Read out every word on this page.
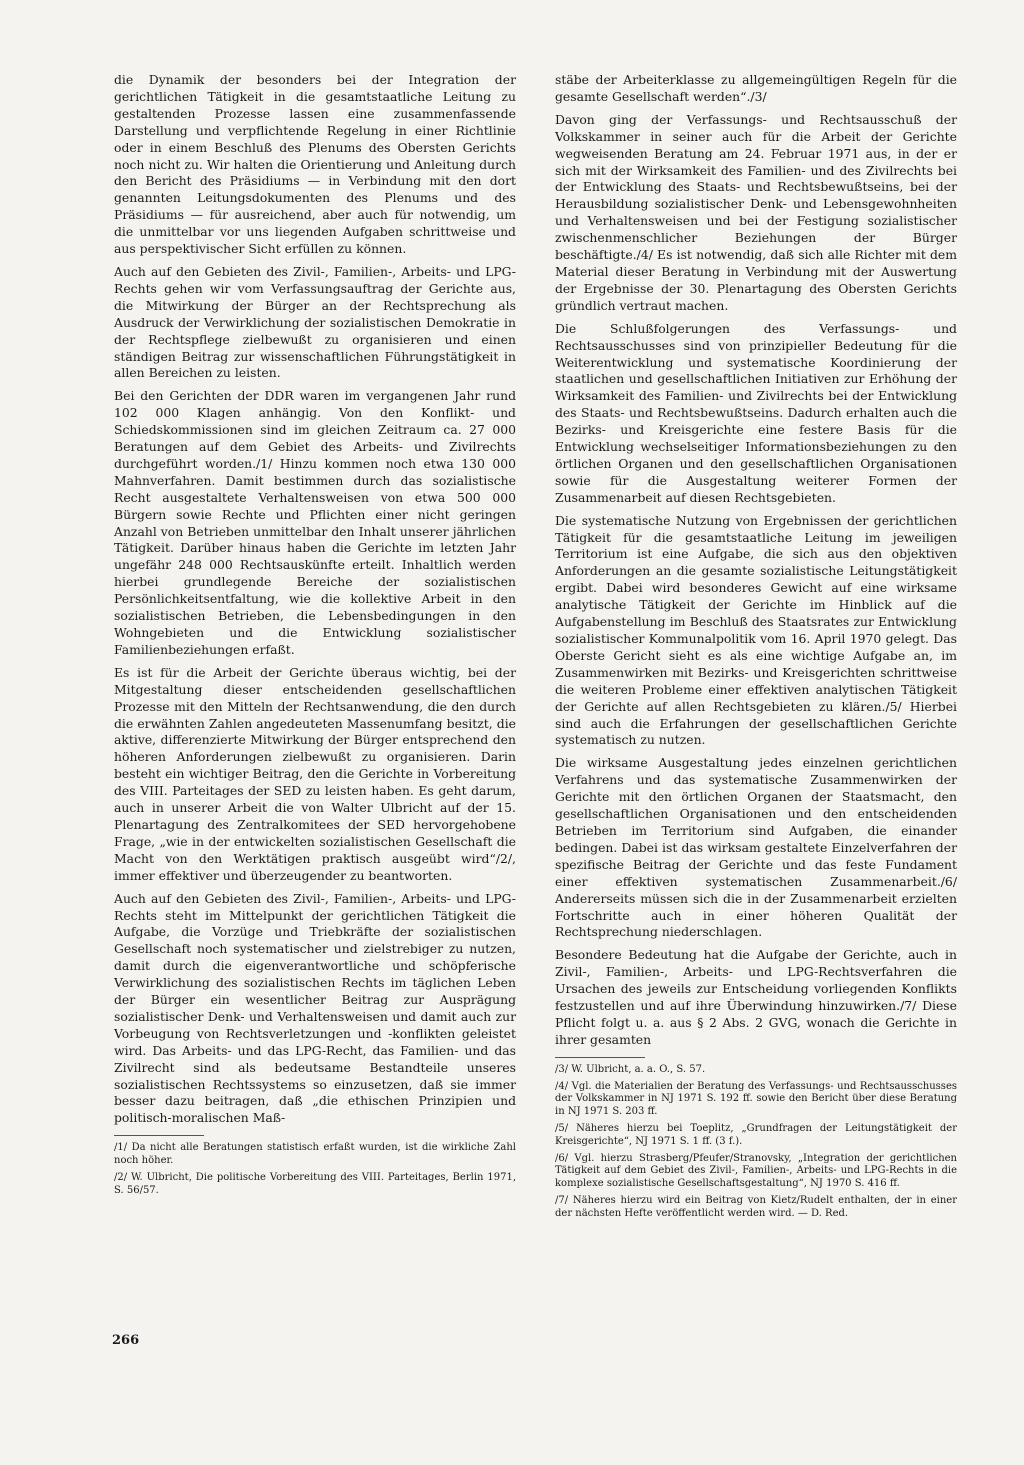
die Dynamik der besonders bei der Integration der gerichtlichen Tätigkeit in die gesamtstaatliche Leitung zu gestaltenden Prozesse lassen eine zusammenfassende Darstellung und verpflichtende Regelung in einer Richtlinie oder in einem Beschluß des Plenums des Obersten Gerichts noch nicht zu. Wir halten die Orientierung und Anleitung durch den Bericht des Präsidiums — in Verbindung mit den dort genannten Leitungsdokumenten des Plenums und des Präsidiums — für ausreichend, aber auch für notwendig, um die unmittelbar vor uns liegenden Aufgaben schrittweise und aus perspektivischer Sicht erfüllen zu können.

Auch auf den Gebieten des Zivil-, Familien-, Arbeits- und LPG-Rechts gehen wir vom Verfassungsauftrag der Gerichte aus, die Mitwirkung der Bürger an der Rechtsprechung als Ausdruck der Verwirklichung der sozialistischen Demokratie in der Rechtspflege zielbewußt zu organisieren und einen ständigen Beitrag zur wissenschaftlichen Führungstätigkeit in allen Bereichen zu leisten.

Bei den Gerichten der DDR waren im vergangenen Jahr rund 102 000 Klagen anhängig. Von den Konflikt- und Schiedskommissionen sind im gleichen Zeitraum ca. 27 000 Beratungen auf dem Gebiet des Arbeits- und Zivilrechts durchgeführt worden./1/ Hinzu kommen noch etwa 130 000 Mahnverfahren. Damit bestimmen durch das sozialistische Recht ausgestaltete Verhaltensweisen von etwa 500 000 Bürgern sowie Rechte und Pflichten einer nicht geringen Anzahl von Betrieben unmittelbar den Inhalt unserer jährlichen Tätigkeit. Darüber hinaus haben die Gerichte im letzten Jahr ungefähr 248 000 Rechtsauskünfte erteilt. Inhaltlich werden hierbei grundlegende Bereiche der sozialistischen Persönlichkeitsentfaltung, wie die kollektive Arbeit in den sozialistischen Betrieben, die Lebensbedingungen in den Wohngebieten und die Entwicklung sozialistischer Familienbeziehungen erfaßt.

Es ist für die Arbeit der Gerichte überaus wichtig, bei der Mitgestaltung dieser entscheidenden gesellschaftlichen Prozesse mit den Mitteln der Rechtsanwendung, die den durch die erwähnten Zahlen angedeuteten Massenumfang besitzt, die aktive, differenzierte Mitwirkung der Bürger entsprechend den höheren Anforderungen zielbewußt zu organisieren. Darin besteht ein wichtiger Beitrag, den die Gerichte in Vorbereitung des VIII. Parteitages der SED zu leisten haben. Es geht darum, auch in unserer Arbeit die von Walter Ulbricht auf der 15. Plenartagung des Zentralkomitees der SED hervorgehobene Frage, „wie in der entwickelten sozialistischen Gesellschaft die Macht von den Werktätigen praktisch ausgeübt wird“/2/, immer effektiver und überzeugender zu beantworten.

Auch auf den Gebieten des Zivil-, Familien-, Arbeits- und LPG-Rechts steht im Mittelpunkt der gerichtlichen Tätigkeit die Aufgabe, die Vorzüge und Triebkräfte der sozialistischen Gesellschaft noch systematischer und zielstrebiger zu nutzen, damit durch die eigenverantwortliche und schöpferische Verwirklichung des sozialistischen Rechts im täglichen Leben der Bürger ein wesentlicher Beitrag zur Ausprägung sozialistischer Denk- und Verhaltensweisen und damit auch zur Vorbeugung von Rechtsverletzungen und -konflikten geleistet wird. Das Arbeits- und das LPG-Recht, das Familien- und das Zivilrecht sind als bedeutsame Bestandteile unseres sozialistischen Rechtssystems so einzusetzen, daß sie immer besser dazu beitragen, daß „die ethischen Prinzipien und politisch-moralischen Maß-

/1/ Da nicht alle Beratungen statistisch erfaßt wurden, ist die wirkliche Zahl noch höher.

/2/ W. Ulbricht, Die politische Vorbereitung des VIII. Parteitages, Berlin 1971, S. 56/57.

stäbe der Arbeiterklasse zu allgemeingültigen Regeln für die gesamte Gesellschaft werden“./3/

Davon ging der Verfassungs- und Rechtsausschuß der Volkskammer in seiner auch für die Arbeit der Gerichte wegweisenden Beratung am 24. Februar 1971 aus, in der er sich mit der Wirksamkeit des Familien- und des Zivilrechts bei der Entwicklung des Staats- und Rechtsbewußtseins, bei der Herausbildung sozialistischer Denk- und Lebensgewohnheiten und Verhaltensweisen und bei der Festigung sozialistischer zwischenmenschlicher Beziehungen der Bürger beschäftigte./4/ Es ist notwendig, daß sich alle Richter mit dem Material dieser Beratung in Verbindung mit der Auswertung der Ergebnisse der 30. Plenartagung des Obersten Gerichts gründlich vertraut machen.

Die Schlußfolgerungen des Verfassungs- und Rechtsausschusses sind von prinzipieller Bedeutung für die Weiterentwicklung und systematische Koordinierung der staatlichen und gesellschaftlichen Initiativen zur Erhöhung der Wirksamkeit des Familien- und Zivilrechts bei der Entwicklung des Staats- und Rechtsbewußtseins. Dadurch erhalten auch die Bezirks- und Kreisgerichte eine festere Basis für die Entwicklung wechselseitiger Informationsbeziehungen zu den örtlichen Organen und den gesellschaftlichen Organisationen sowie für die Ausgestaltung weiterer Formen der Zusammenarbeit auf diesen Rechtsgebieten.

Die systematische Nutzung von Ergebnissen der gerichtlichen Tätigkeit für die gesamtstaatliche Leitung im jeweiligen Territorium ist eine Aufgabe, die sich aus den objektiven Anforderungen an die gesamte sozialistische Leitungstätigkeit ergibt. Dabei wird besonderes Gewicht auf eine wirksame analytische Tätigkeit der Gerichte im Hinblick auf die Aufgabenstellung im Beschluß des Staatsrates zur Entwicklung sozialistischer Kommunalpolitik vom 16. April 1970 gelegt. Das Oberste Gericht sieht es als eine wichtige Aufgabe an, im Zusammenwirken mit Bezirks- und Kreisgerichten schrittweise die weiteren Probleme einer effektiven analytischen Tätigkeit der Gerichte auf allen Rechtsgebieten zu klären./5/ Hierbei sind auch die Erfahrungen der gesellschaftlichen Gerichte systematisch zu nutzen.

Die wirksame Ausgestaltung jedes einzelnen gerichtlichen Verfahrens und das systematische Zusammenwirken der Gerichte mit den örtlichen Organen der Staatsmacht, den gesellschaftlichen Organisationen und den entscheidenden Betrieben im Territorium sind Aufgaben, die einander bedingen. Dabei ist das wirksam gestaltete Einzelverfahren der spezifische Beitrag der Gerichte und das feste Fundament einer effektiven systematischen Zusammenarbeit./6/ Andererseits müssen sich die in der Zusammenarbeit erzielten Fortschritte auch in einer höheren Qualität der Rechtsprechung niederschlagen.

Besondere Bedeutung hat die Aufgabe der Gerichte, auch in Zivil-, Familien-, Arbeits- und LPG-Rechtsverfahren die Ursachen des jeweils zur Entscheidung vorliegenden Konflikts festzustellen und auf ihre Überwindung hinzuwirken./7/ Diese Pflicht folgt u. a. aus § 2 Abs. 2 GVG, wonach die Gerichte in ihrer gesamten

/3/ W. Ulbricht, a. a. O., S. 57.

/4/ Vgl. die Materialien der Beratung des Verfassungs- und Rechtsausschusses der Volkskammer in NJ 1971 S. 192 ff. sowie den Bericht über diese Beratung in NJ 1971 S. 203 ff.

/5/ Näheres hierzu bei Toeplitz, „Grundfragen der Leitungstätigkeit der Kreisgerichte“, NJ 1971 S. 1 ff. (3 f.).

/6/ Vgl. hierzu Strasberg/Pfeufer/Stranovsky, „Integration der gerichtlichen Tätigkeit auf dem Gebiet des Zivil-, Familien-, Arbeits- und LPG-Rechts in die komplexe sozialistische Gesellschaftsgestaltung“, NJ 1970 S. 416 ff.

/7/ Näheres hierzu wird ein Beitrag von Kietz/Rudelt enthalten, der in einer der nächsten Hefte veröffentlicht werden wird. — D. Red.

266
